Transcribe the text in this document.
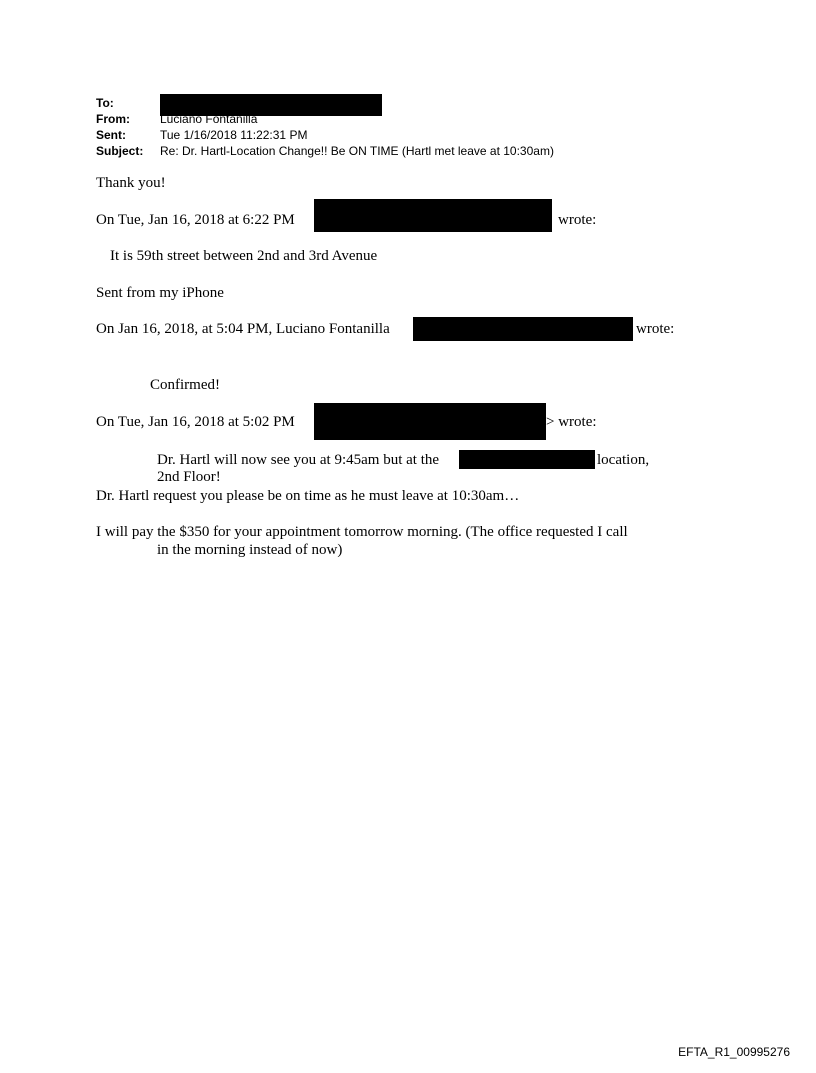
To:
From:	Luciano Fontanilla
Sent:	Tue 1/16/2018 11:22:31 PM
Subject: Re: Dr. Hartl-Location Change!! Be ON TIME (Hartl met leave at 10:30am)
Thank you!
On Tue, Jan 16, 2018 at 6:22 PM	wrote:
It is 59th street between 2nd and 3rd Avenue
Sent from my iPhone
On Jan 16, 2018, at 5:04 PM, Luciano Fontanilla	wrote:
Confirmed!
On Tue, Jan 16, 2018 at 5:02 PM	> wrote:
Dr. Hartl will now see you at 9:45am but at the	location,
2nd Floor!
Dr. Hartl request you please be on time as he must leave at 10:30am…
I will pay the $350 for your appointment tomorrow morning. (The office requested I call
in the morning instead of now)
EFTA_R1_00995276
